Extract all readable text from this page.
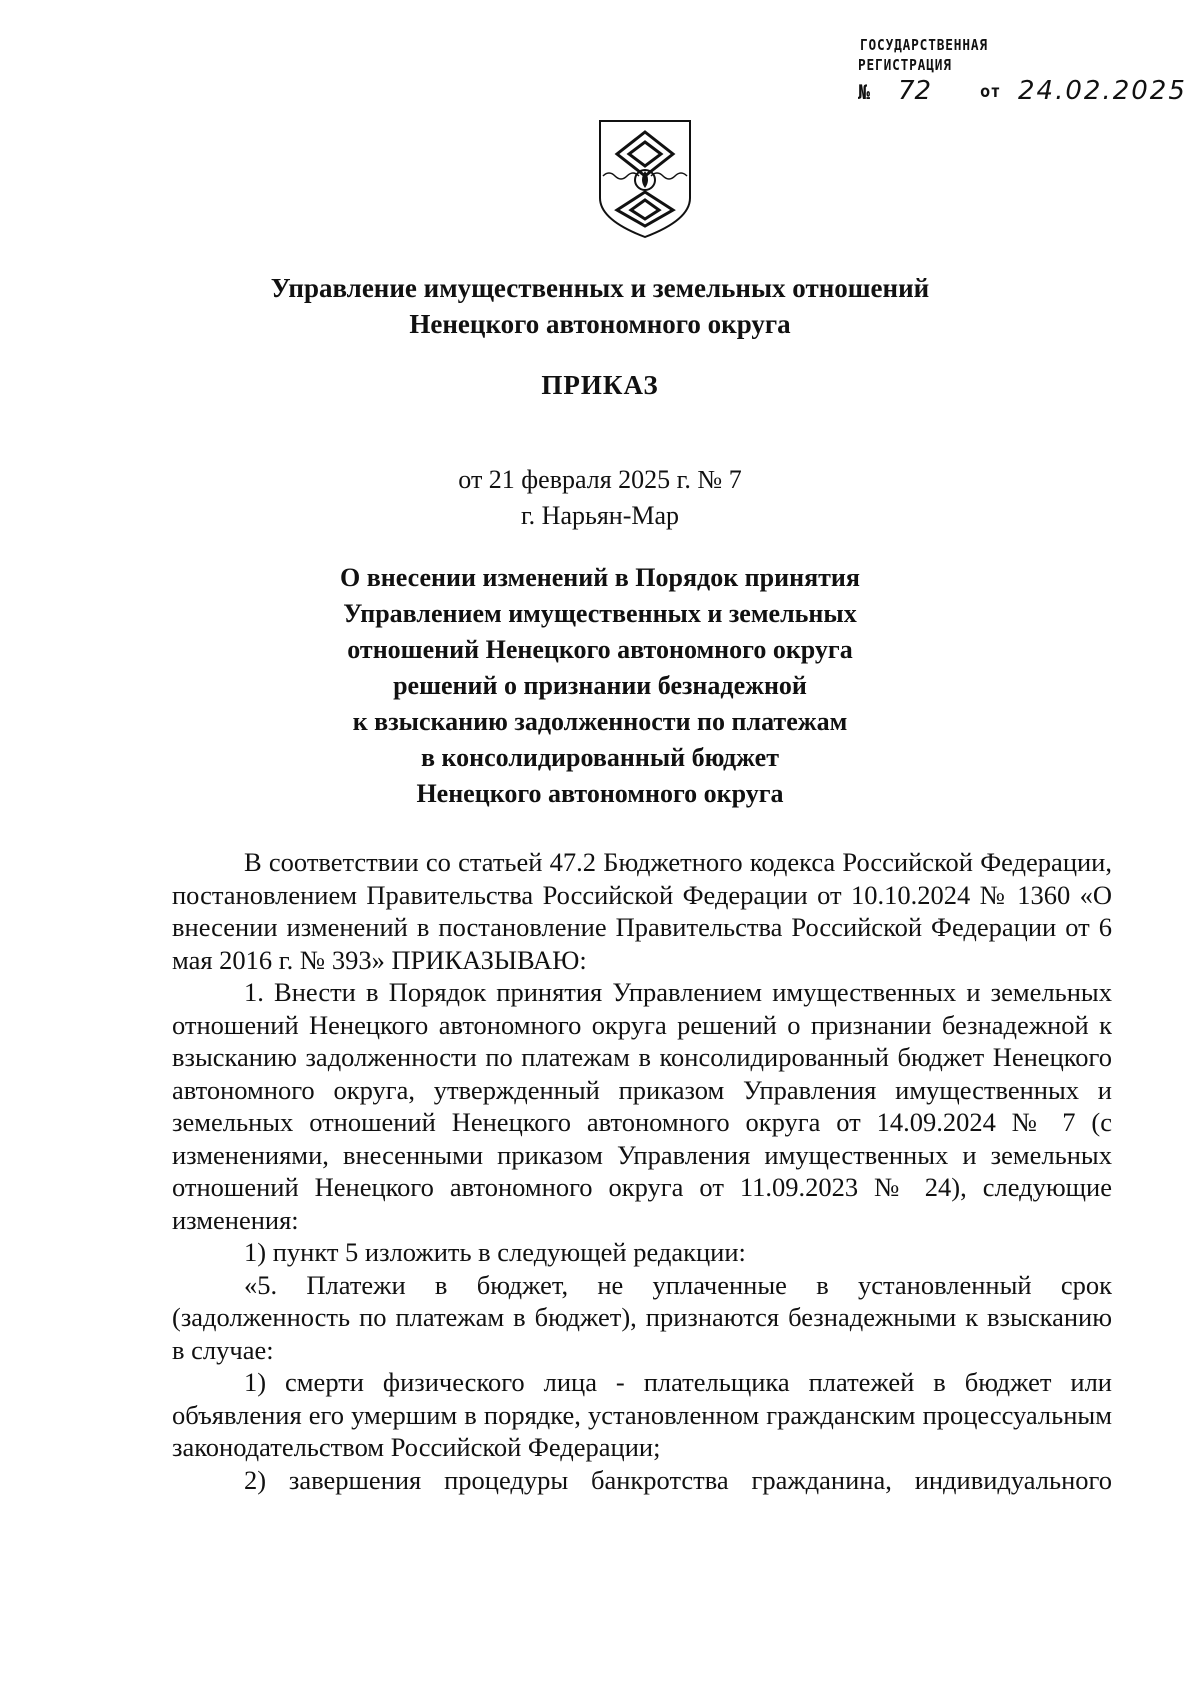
ГОСУДАРСТВЕННАЯ
РЕГИСТРАЦИЯ
№ 72	от 24.02.2025
Управление имущественных и земельных отношений
Ненецкого автономного округа
ПРИКАЗ
от 21 февраля 2025 г. № 7
г. Нарьян-Мар
О внесении изменений в Порядок принятия
Управлением имущественных и земельных
отношений Ненецкого автономного округа
решений о признании безнадежной
к взысканию задолженности по платежам
в консолидированный бюджет
Ненецкого автономного округа

В соответствии со статьей 47.2 Бюджетного кодекса Российской Федерации, постановлением Правительства Российской Федерации от 10.10.2024 № 1360 «О внесении изменений в постановление Правительства Российской Федерации от 6 мая 2016 г. № 393» ПРИКАЗЫВАЮ:

1. Внести в Порядок принятия Управлением имущественных и земельных отношений Ненецкого автономного округа решений о признании безнадежной к взысканию задолженности по платежам в консолидированный бюджет Ненецкого автономного округа, утвержденный приказом Управления имущественных и земельных отношений Ненецкого автономного округа от 14.09.2024 № 7 (с изменениями, внесенными приказом Управления имущественных и земельных отношений Ненецкого автономного округа от 11.09.2023 № 24), следующие изменения:

1) пункт 5 изложить в следующей редакции:

«5. Платежи в бюджет, не уплаченные в установленный срок (задолженность по платежам в бюджет), признаются безнадежными к взысканию в случае:

1) смерти физического лица - плательщика платежей в бюджет или объявления его умершим в порядке, установленном гражданским процессуальным законодательством Российской Федерации;

2) завершения процедуры банкротства гражданина, индивидуального
